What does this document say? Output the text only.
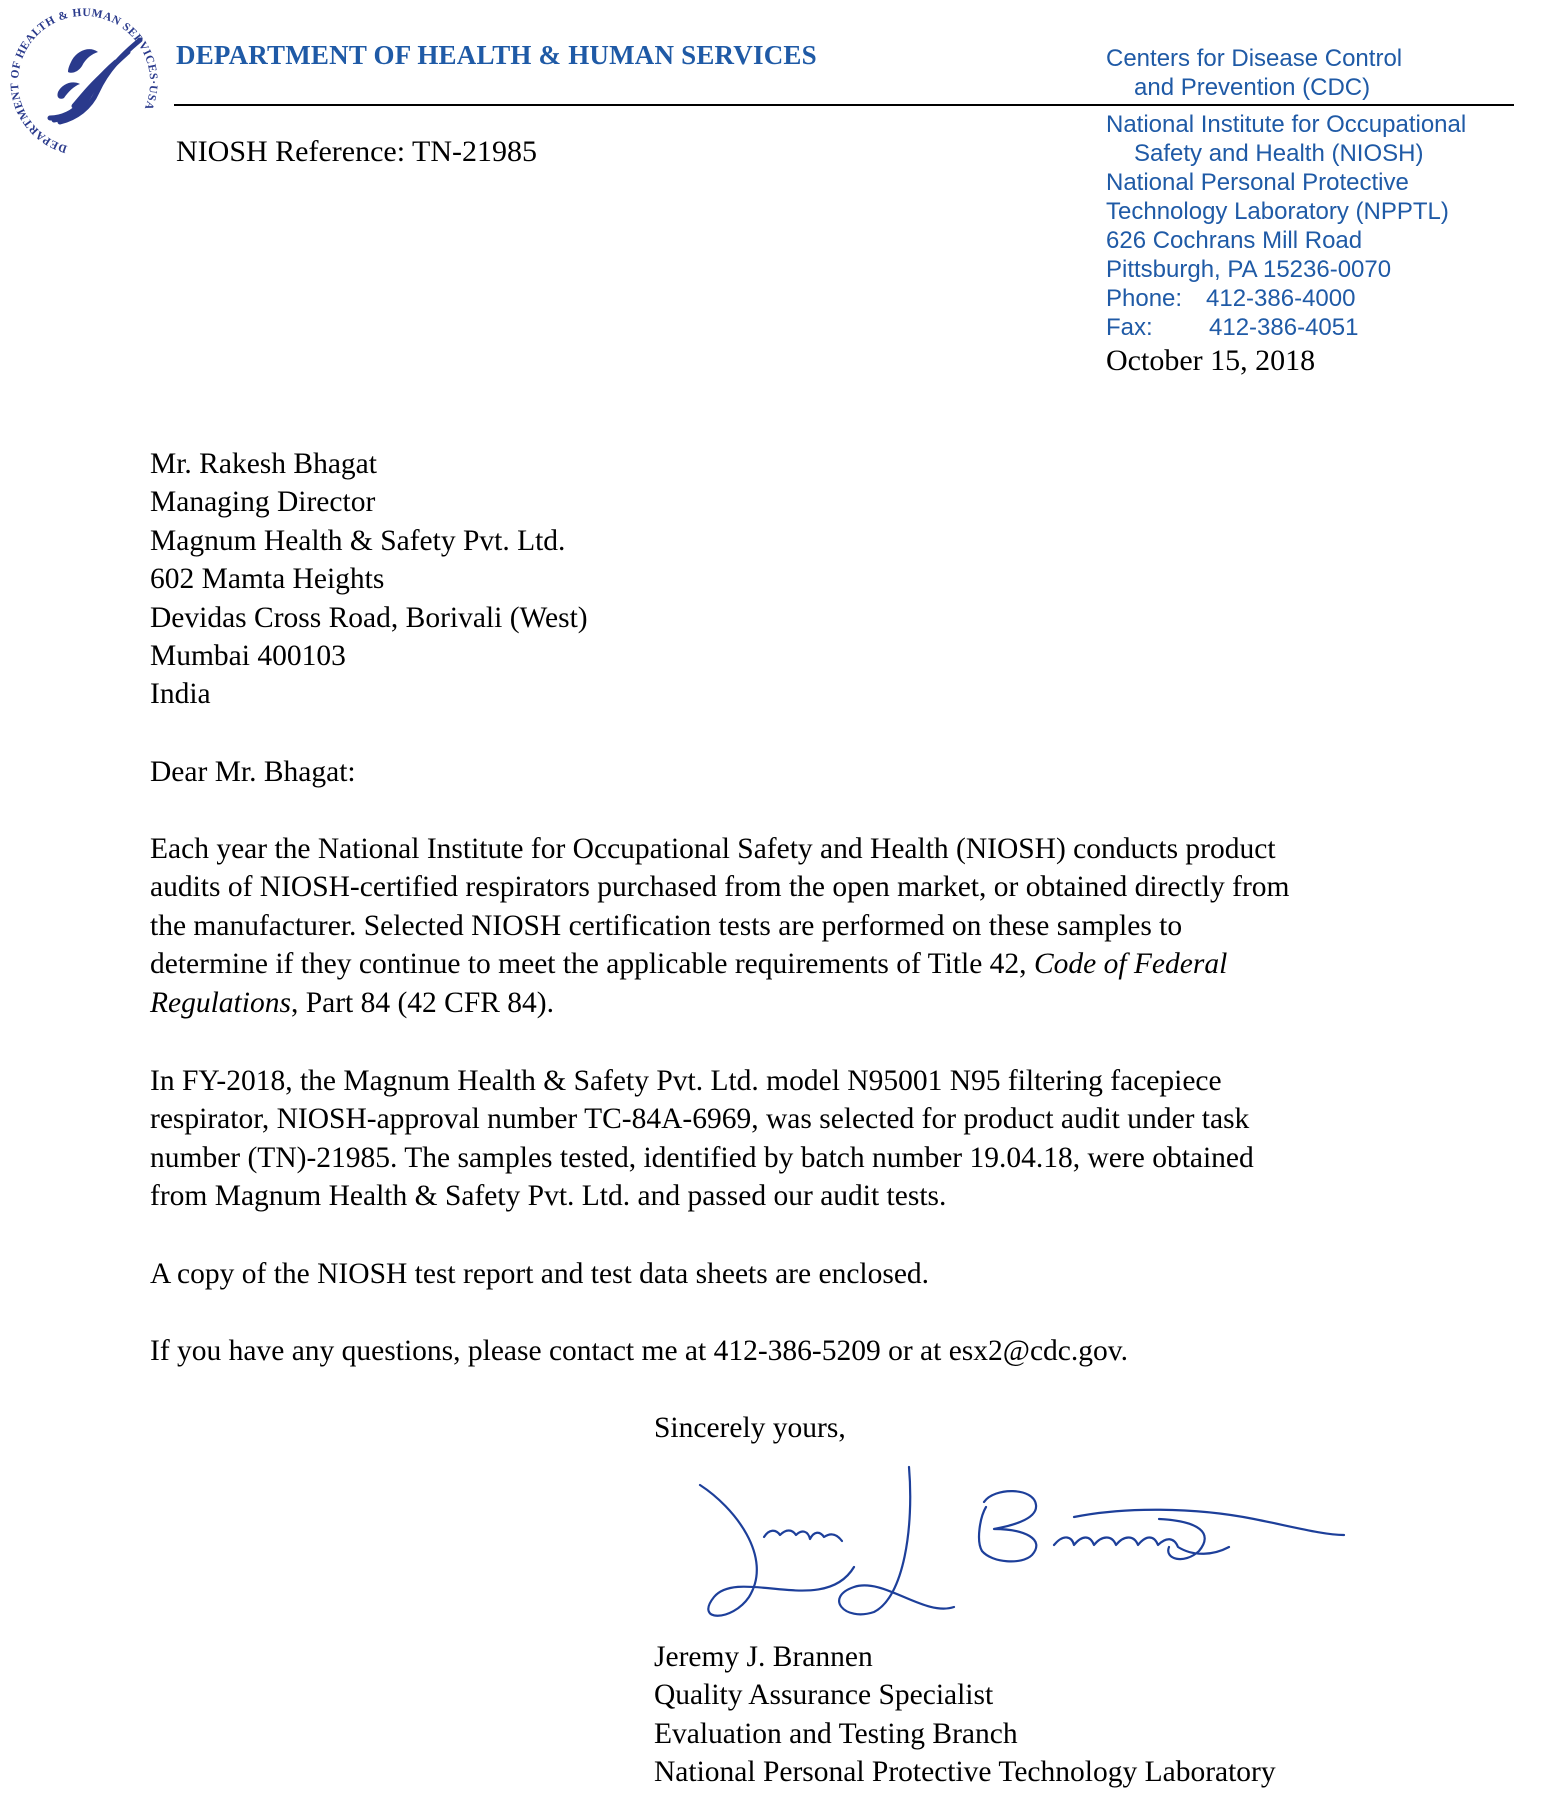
DEPARTMENT OF HEALTH & HUMAN SERVICES·USA
DEPARTMENT OF HEALTH & HUMAN SERVICES
NIOSH Reference: TN-21985
Centers for Disease Control
and Prevention (CDC)
National Institute for Occupational
Safety and Health (NIOSH)
National Personal Protective
Technology Laboratory (NPPTL)
626 Cochrans Mill Road
Pittsburgh, PA 15236-0070
Phone: 412-386-4000
Fax: 412-386-4051
October 15, 2018
Mr. Rakesh Bhagat
Managing Director
Magnum Health & Safety Pvt. Ltd.
602 Mamta Heights
Devidas Cross Road, Borivali (West)
Mumbai 400103
India
Dear Mr. Bhagat:
Each year the National Institute for Occupational Safety and Health (NIOSH) conducts product
audits of NIOSH-certified respirators purchased from the open market, or obtained directly from
the manufacturer. Selected NIOSH certification tests are performed on these samples to
determine if they continue to meet the applicable requirements of Title 42, Code of Federal
Regulations, Part 84 (42 CFR 84).
In FY-2018, the Magnum Health & Safety Pvt. Ltd. model N95001 N95 filtering facepiece
respirator, NIOSH-approval number TC-84A-6969, was selected for product audit under task
number (TN)-21985. The samples tested, identified by batch number 19.04.18, were obtained
from Magnum Health & Safety Pvt. Ltd. and passed our audit tests.
A copy of the NIOSH test report and test data sheets are enclosed.
If you have any questions, please contact me at 412-386-5209 or at esx2@cdc.gov.
Sincerely yours,
Jeremy J. Brannen
Quality Assurance Specialist
Evaluation and Testing Branch
National Personal Protective Technology Laboratory
